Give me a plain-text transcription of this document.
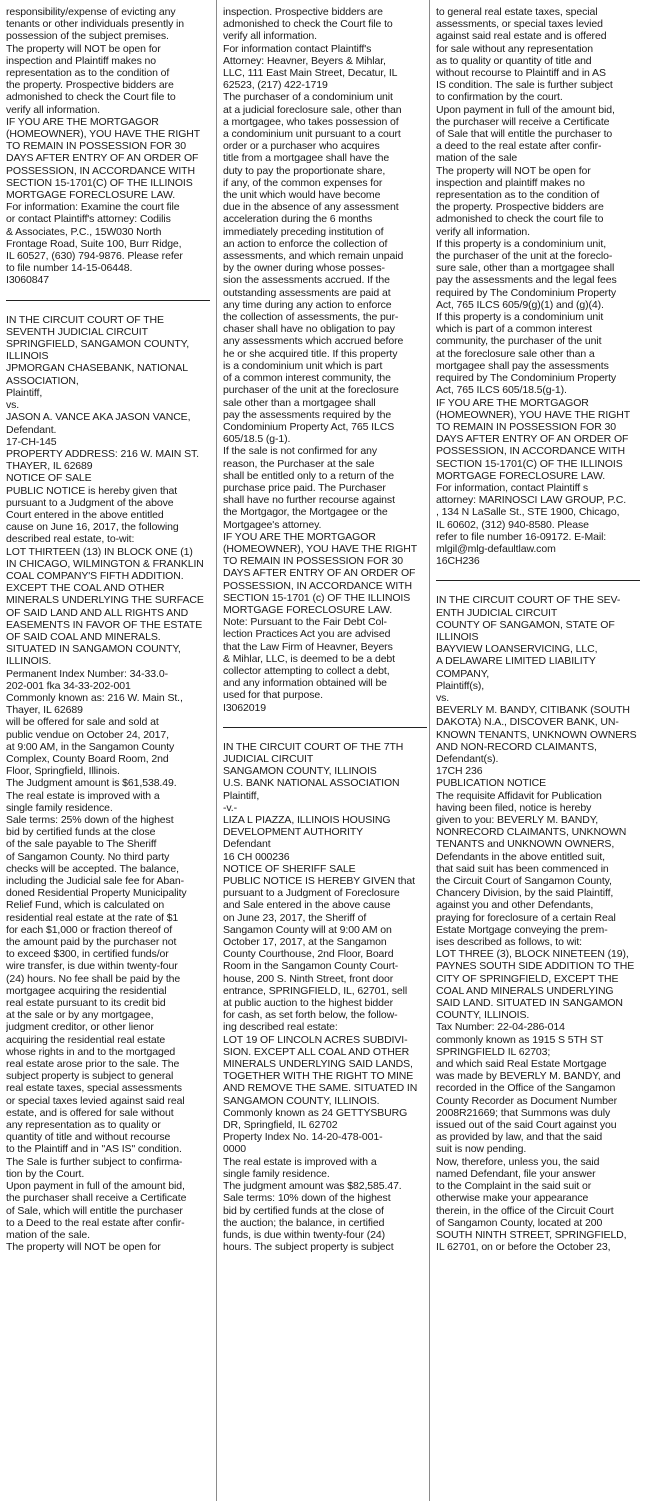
responsibility/expense of evicting any
tenants or other individuals presently in
possession of the subject premises.
The property will NOT be open for
inspection and Plaintiff makes no
representation as to the condition of
the property. Prospective bidders are
admonished to check the Court file to
verify all information.
IF YOU ARE THE MORTGAGOR
(HOMEOWNER), YOU HAVE THE RIGHT
TO REMAIN IN POSSESSION FOR 30
DAYS AFTER ENTRY OF AN ORDER OF
POSSESSION, IN ACCORDANCE WITH
SECTION 15-1701(C) OF THE ILLINOIS
MORTGAGE FORECLOSURE LAW.
For information: Examine the court file
or contact Plaintiff's attorney: Codilis
& Associates, P.C., 15W030 North
Frontage Road, Suite 100, Burr Ridge,
IL 60527, (630) 794-9876. Please refer
to file number 14-15-06448.
I3060847
IN THE CIRCUIT COURT OF THE
SEVENTH JUDICIAL CIRCUIT
SPRINGFIELD, SANGAMON COUNTY,
ILLINOIS
JPMORGAN CHASEBANK, NATIONAL
ASSOCIATION,
Plaintiff,
vs.
JASON A. VANCE AKA JASON VANCE,
Defendant.
17-CH-145
PROPERTY ADDRESS: 216 W. MAIN ST.
THAYER, IL 62689
NOTICE OF SALE
PUBLIC NOTICE is hereby given that
pursuant to a Judgment of the above
Court entered in the above entitled
cause on June 16, 2017, the following
described real estate, to-wit:
LOT THIRTEEN (13) IN BLOCK ONE (1)
IN CHICAGO, WILMINGTON & FRANKLIN
COAL COMPANY'S FIFTH ADDITION.
EXCEPT THE COAL AND OTHER
MINERALS UNDERLYING THE SURFACE
OF SAID LAND AND ALL RIGHTS AND
EASEMENTS IN FAVOR OF THE ESTATE
OF SAID COAL AND MINERALS.
SITUATED IN SANGAMON COUNTY,
ILLINOIS.
Permanent Index Number: 34-33.0-
202-001 fka 34-33-202-001
Commonly known as: 216 W. Main St.,
Thayer, IL 62689
will be offered for sale and sold at
public vendue on October 24, 2017,
at 9:00 AM, in the Sangamon County
Complex, County Board Room, 2nd
Floor, Springfield, Illinois.
The Judgment amount is $61,538.49.
The real estate is improved with a
single family residence.
Sale terms: 25% down of the highest
bid by certified funds at the close
of the sale payable to The Sheriff
of Sangamon County. No third party
checks will be accepted. The balance,
including the Judicial sale fee for Aban-
doned Residential Property Municipality
Relief Fund, which is calculated on
residential real estate at the rate of $1
for each $1,000 or fraction thereof of
the amount paid by the purchaser not
to exceed $300, in certified funds/or
wire transfer, is due within twenty-four
(24) hours. No fee shall be paid by the
mortgagee acquiring the residential
real estate pursuant to its credit bid
at the sale or by any mortgagee,
judgment creditor, or other lienor
acquiring the residential real estate
whose rights in and to the mortgaged
real estate arose prior to the sale. The
subject property is subject to general
real estate taxes, special assessments
or special taxes levied against said real
estate, and is offered for sale without
any representation as to quality or
quantity of title and without recourse
to the Plaintiff and in "AS IS" condition.
The Sale is further subject to confirma-
tion by the Court.
Upon payment in full of the amount bid,
the purchaser shall receive a Certificate
of Sale, which will entitle the purchaser
to a Deed to the real estate after confir-
mation of the sale.
The property will NOT be open for
inspection. Prospective bidders are
admonished to check the Court file to
verify all information.
For information contact Plaintiff's
Attorney: Heavner, Beyers & Mihlar,
LLC, 111 East Main Street, Decatur, IL
62523, (217) 422-1719
The purchaser of a condominium unit
at a judicial foreclosure sale, other than
a mortgagee, who takes possession of
a condominium unit pursuant to a court
order or a purchaser who acquires
title from a mortgagee shall have the
duty to pay the proportionate share,
if any, of the common expenses for
the unit which would have become
due in the absence of any assessment
acceleration during the 6 months
immediately preceding institution of
an action to enforce the collection of
assessments, and which remain unpaid
by the owner during whose posses-
sion the assessments accrued. If the
outstanding assessments are paid at
any time during any action to enforce
the collection of assessments, the pur-
chaser shall have no obligation to pay
any assessments which accrued before
he or she acquired title. If this property
is a condominium unit which is part
of a common interest community, the
purchaser of the unit at the foreclosure
sale other than a mortgagee shall
pay the assessments required by the
Condominium Property Act, 765 ILCS
605/18.5 (g-1).
If the sale is not confirmed for any
reason, the Purchaser at the sale
shall be entitled only to a return of the
purchase price paid. The Purchaser
shall have no further recourse against
the Mortgagor, the Mortgagee or the
Mortgagee's attorney.
IF YOU ARE THE MORTGAGOR
(HOMEOWNER), YOU HAVE THE RIGHT
TO REMAIN IN POSSESSION FOR 30
DAYS AFTER ENTRY OF AN ORDER OF
POSSESSION, IN ACCORDANCE WITH
SECTION 15-1701 (c) OF THE ILLINOIS
MORTGAGE FORECLOSURE LAW.
Note: Pursuant to the Fair Debt Col-
lection Practices Act you are advised
that the Law Firm of Heavner, Beyers
& Mihlar, LLC, is deemed to be a debt
collector attempting to collect a debt,
and any information obtained will be
used for that purpose.
I3062019
IN THE CIRCUIT COURT OF THE 7TH
JUDICIAL CIRCUIT
SANGAMON COUNTY, ILLINOIS
U.S. BANK NATIONAL ASSOCIATION
Plaintiff,
-v.-
LIZA L PIAZZA, ILLINOIS HOUSING
DEVELOPMENT AUTHORITY
Defendant
16 CH 000236
NOTICE OF SHERIFF SALE
PUBLIC NOTICE IS HEREBY GIVEN that
pursuant to a Judgment of Foreclosure
and Sale entered in the above cause
on June 23, 2017, the Sheriff of
Sangamon County will at 9:00 AM on
October 17, 2017, at the Sangamon
County Courthouse, 2nd Floor, Board
Room in the Sangamon County Court-
house, 200 S. Ninth Street, front door
entrance, SPRINGFIELD, IL, 62701, sell
at public auction to the highest bidder
for cash, as set forth below, the follow-
ing described real estate:
LOT 19 OF LINCOLN ACRES SUBDIVI-
SION. EXCEPT ALL COAL AND OTHER
MINERALS UNDERLYING SAID LANDS,
TOGETHER WITH THE RIGHT TO MINE
AND REMOVE THE SAME. SITUATED IN
SANGAMON COUNTY, ILLINOIS.
Commonly known as 24 GETTYSBURG
DR, Springfield, IL 62702
Property Index No. 14-20-478-001-
0000
The real estate is improved with a
single family residence.
The judgment amount was $82,585.47.
Sale terms: 10% down of the highest
bid by certified funds at the close of
the auction; the balance, in certified
funds, is due within twenty-four (24)
hours. The subject property is subject
to general real estate taxes, special
assessments, or special taxes levied
against said real estate and is offered
for sale without any representation
as to quality or quantity of title and
without recourse to Plaintiff and in AS
IS condition. The sale is further subject
to confirmation by the court.
Upon payment in full of the amount bid,
the purchaser will receive a Certificate
of Sale that will entitle the purchaser to
a deed to the real estate after confir-
mation of the sale
The property will NOT be open for
inspection and plaintiff makes no
representation as to the condition of
the property. Prospective bidders are
admonished to check the court file to
verify all information.
If this property is a condominium unit,
the purchaser of the unit at the foreclo-
sure sale, other than a mortgagee shall
pay the assessments and the legal fees
required by The Condominium Property
Act, 765 ILCS 605/9(g)(1) and (g)(4).
If this property is a condominium unit
which is part of a common interest
community, the purchaser of the unit
at the foreclosure sale other than a
mortgagee shall pay the assessments
required by The Condominium Property
Act, 765 ILCS 605/18.5(g-1).
IF YOU ARE THE MORTGAGOR
(HOMEOWNER), YOU HAVE THE RIGHT
TO REMAIN IN POSSESSION FOR 30
DAYS AFTER ENTRY OF AN ORDER OF
POSSESSION, IN ACCORDANCE WITH
SECTION 15-1701(C) OF THE ILLINOIS
MORTGAGE FORECLOSURE LAW.
For information, contact Plaintiff s
attorney: MARINOSCI LAW GROUP, P.C.
, 134 N LaSalle St., STE 1900, Chicago,
IL 60602, (312) 940-8580. Please
refer to file number 16-09172. E-Mail:
mlgil@mlg-defaultlaw.com
16CH236
IN THE CIRCUIT COURT OF THE SEV-
ENTH JUDICIAL CIRCUIT
COUNTY OF SANGAMON, STATE OF
ILLINOIS
BAYVIEW LOANSERVICING, LLC,
A DELAWARE LIMITED LIABILITY
COMPANY,
Plaintiff(s),
vs.
BEVERLY M. BANDY, CITIBANK (SOUTH
DAKOTA) N.A., DISCOVER BANK, UN-
KNOWN TENANTS, UNKNOWN OWNERS
AND NON-RECORD CLAIMANTS,
Defendant(s).
17CH 236
PUBLICATION NOTICE
The requisite Affidavit for Publication
having been filed, notice is hereby
given to you: BEVERLY M. BANDY,
NONRECORD CLAIMANTS, UNKNOWN
TENANTS and UNKNOWN OWNERS,
Defendants in the above entitled suit,
that said suit has been commenced in
the Circuit Court of Sangamon County,
Chancery Division, by the said Plaintiff,
against you and other Defendants,
praying for foreclosure of a certain Real
Estate Mortgage conveying the prem-
ises described as follows, to wit:
LOT THREE (3), BLOCK NINETEEN (19),
PAYNES SOUTH SIDE ADDITION TO THE
CITY OF SPRINGFIELD, EXCEPT THE
COAL AND MINERALS UNDERLYING
SAID LAND. SITUATED IN SANGAMON
COUNTY, ILLINOIS.
Tax Number: 22-04-286-014
commonly known as 1915 S 5TH ST
SPRINGFIELD IL 62703;
and which said Real Estate Mortgage
was made by BEVERLY M. BANDY, and
recorded in the Office of the Sangamon
County Recorder as Document Number
2008R21669; that Summons was duly
issued out of the said Court against you
as provided by law, and that the said
suit is now pending.
Now, therefore, unless you, the said
named Defendant, file your answer
to the Complaint in the said suit or
otherwise make your appearance
therein, in the office of the Circuit Court
of Sangamon County, located at 200
SOUTH NINTH STREET, SPRINGFIELD,
IL 62701, on or before the October 23,
